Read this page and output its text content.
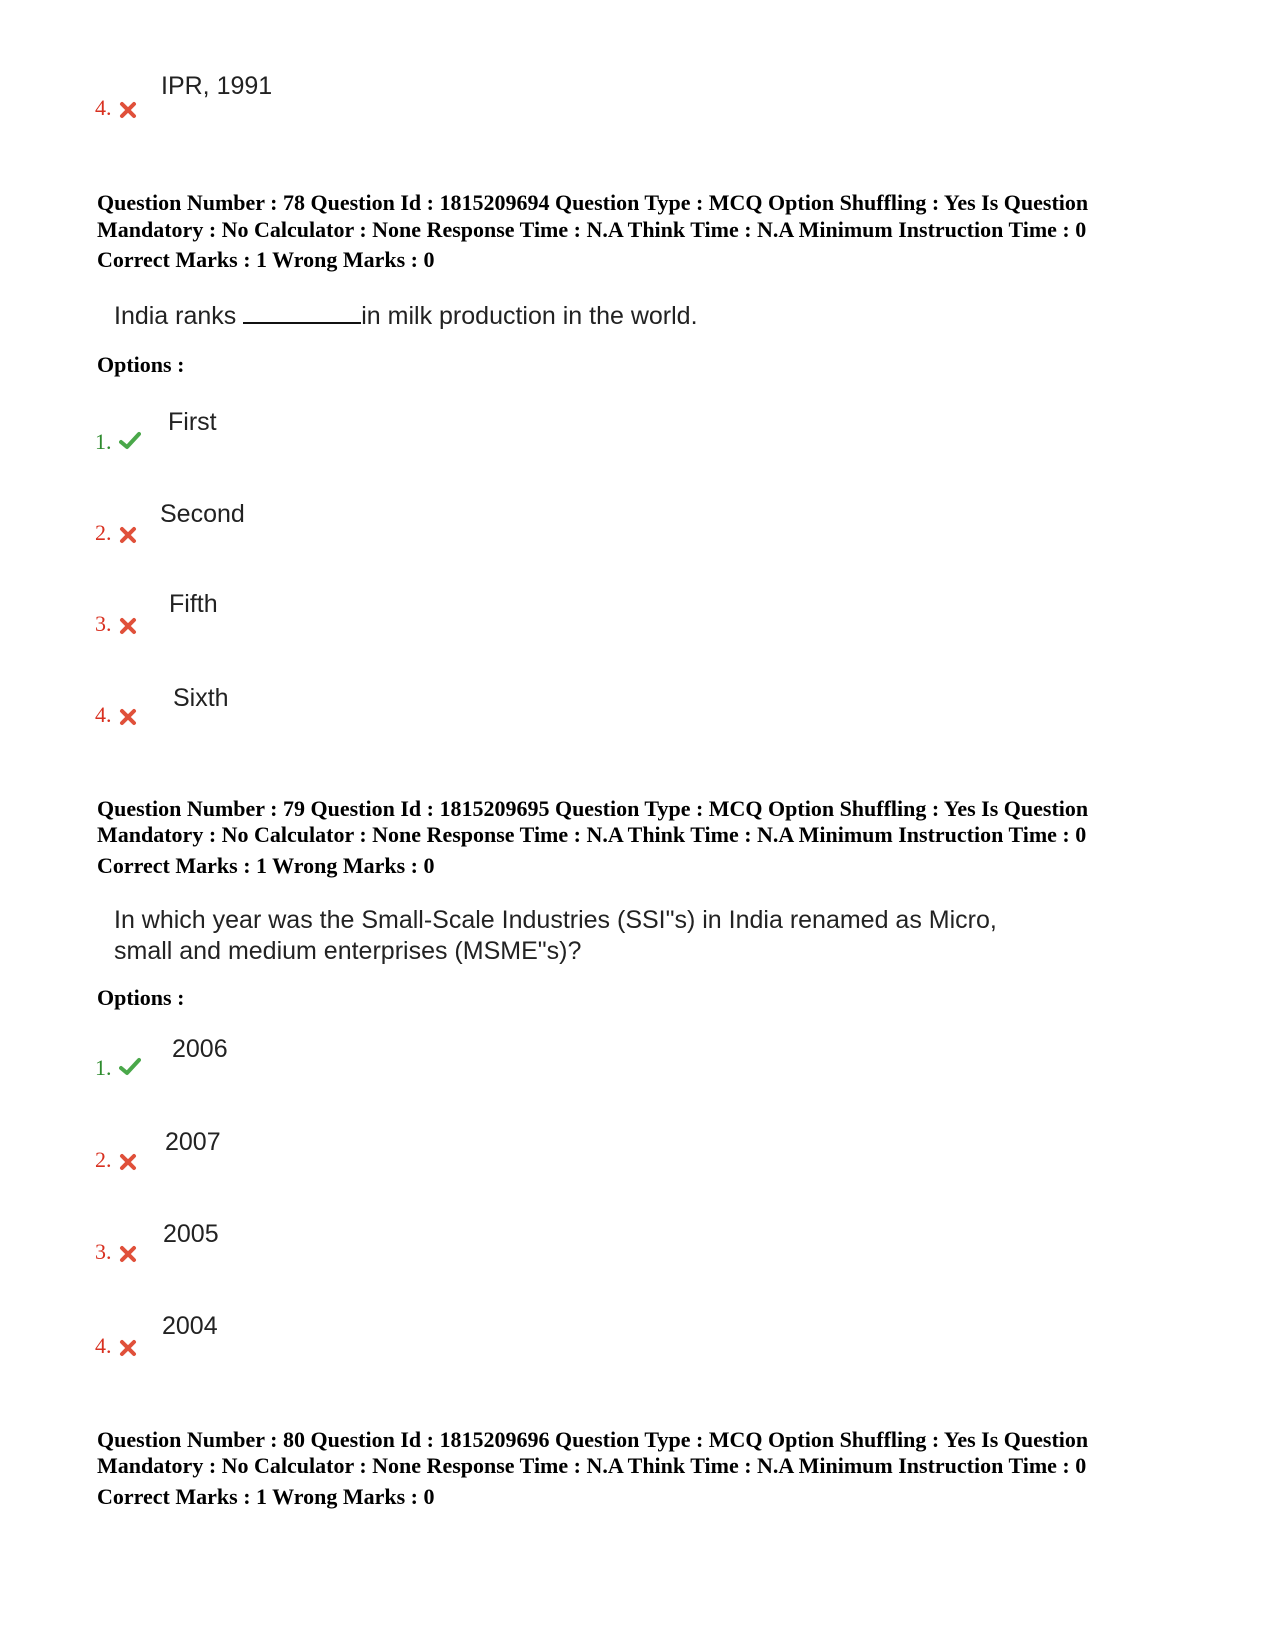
4.
IPR, 1991
Question Number : 78 Question Id : 1815209694 Question Type : MCQ Option Shuffling : Yes Is Question
Mandatory : No Calculator : None Response Time : N.A Think Time : N.A Minimum Instruction Time : 0
Correct Marks : 1 Wrong Marks : 0
India ranks	in milk production in the world.
Options :
1.
First
2.
Second
3.
Fifth
4.
Sixth
Question Number : 79 Question Id : 1815209695 Question Type : MCQ Option Shuffling : Yes Is Question
Mandatory : No Calculator : None Response Time : N.A Think Time : N.A Minimum Instruction Time : 0
Correct Marks : 1 Wrong Marks : 0
In which year was the Small-Scale Industries (SSI"s) in India renamed as Micro,
small and medium enterprises (MSME"s)?
Options :
1.
2006
2.
2007
3.
2005
4.
2004
Question Number : 80 Question Id : 1815209696 Question Type : MCQ Option Shuffling : Yes Is Question
Mandatory : No Calculator : None Response Time : N.A Think Time : N.A Minimum Instruction Time : 0
Correct Marks : 1 Wrong Marks : 0
